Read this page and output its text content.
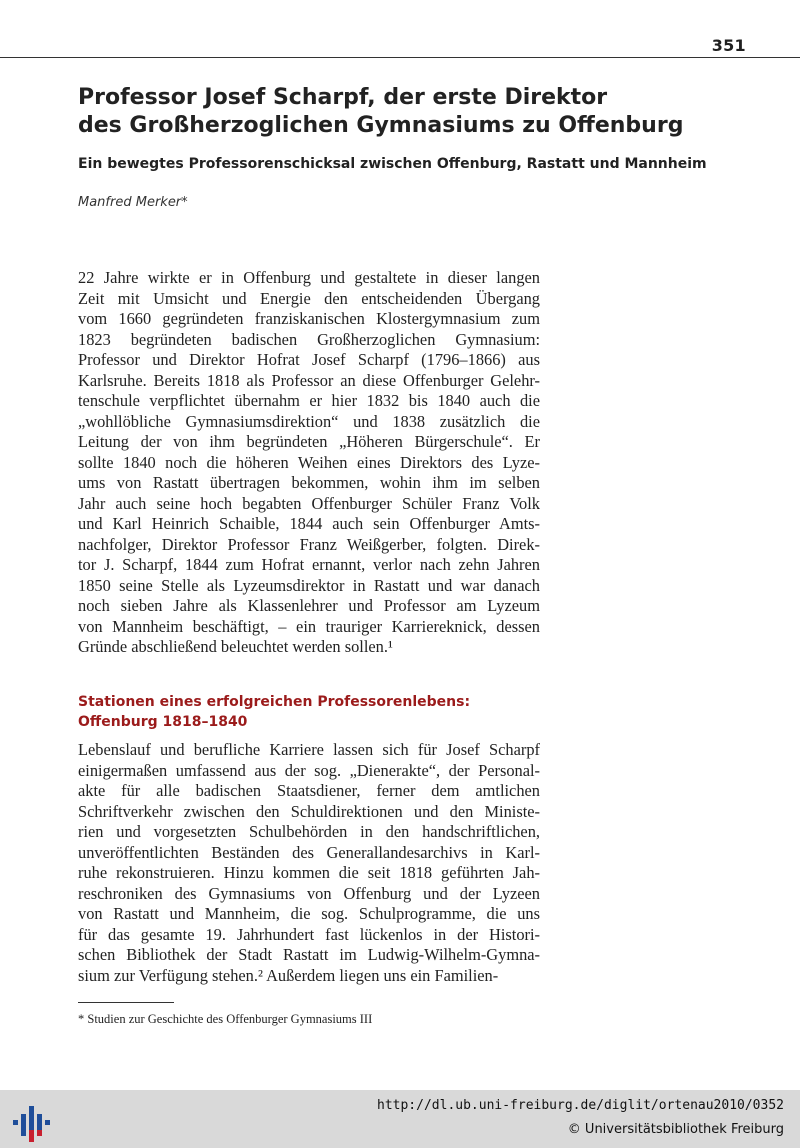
351
Professor Josef Scharpf, der erste Direktor
des Großherzoglichen Gymnasiums zu Offenburg
Ein bewegtes Professorenschicksal zwischen Offenburg, Rastatt und Mannheim
Manfred Merker*
22 Jahre wirkte er in Offenburg und gestaltete in dieser langen
Zeit mit Umsicht und Energie den entscheidenden Übergang
vom 1660 gegründeten franziskanischen Klostergymnasium zum
1823 begründeten badischen Großherzoglichen Gymnasium:
Professor und Direktor Hofrat Josef Scharpf (1796–1866) aus
Karlsruhe. Bereits 1818 als Professor an diese Offenburger Gelehr-
tenschule verpflichtet übernahm er hier 1832 bis 1840 auch die
„wohllöbliche Gymnasiumsdirektion“ und 1838 zusätzlich die
Leitung der von ihm begründeten „Höheren Bürgerschule“. Er
sollte 1840 noch die höheren Weihen eines Direktors des Lyze-
ums von Rastatt übertragen bekommen, wohin ihm im selben
Jahr auch seine hoch begabten Offenburger Schüler Franz Volk
und Karl Heinrich Schaible, 1844 auch sein Offenburger Amts-
nachfolger, Direktor Professor Franz Weißgerber, folgten. Direk-
tor J. Scharpf, 1844 zum Hofrat ernannt, verlor nach zehn Jahren
1850 seine Stelle als Lyzeumsdirektor in Rastatt und war danach
noch sieben Jahre als Klassenlehrer und Professor am Lyzeum
von Mannheim beschäftigt, – ein trauriger Karriereknick, dessen
Gründe abschließend beleuchtet werden sollen.¹
Stationen eines erfolgreichen Professorenlebens:
Offenburg 1818–1840
Lebenslauf und berufliche Karriere lassen sich für Josef Scharpf
einigermaßen umfassend aus der sog. „Dienerakte“, der Personal-
akte für alle badischen Staatsdiener, ferner dem amtlichen
Schriftverkehr zwischen den Schuldirektionen und den Ministe-
rien und vorgesetzten Schulbehörden in den handschriftlichen,
unveröffentlichten Beständen des Generallandesarchivs in Karl-
ruhe rekonstruieren. Hinzu kommen die seit 1818 geführten Jah-
reschroniken des Gymnasiums von Offenburg und der Lyzeen
von Rastatt und Mannheim, die sog. Schulprogramme, die uns
für das gesamte 19. Jahrhundert fast lückenlos in der Histori-
schen Bibliothek der Stadt Rastatt im Ludwig-Wilhelm-Gymna-
sium zur Verfügung stehen.² Außerdem liegen uns ein Familien-
* Studien zur Geschichte des Offenburger Gymnasiums III
http://dl.ub.uni-freiburg.de/diglit/ortenau2010/0352
© Universitätsbibliothek Freiburg
